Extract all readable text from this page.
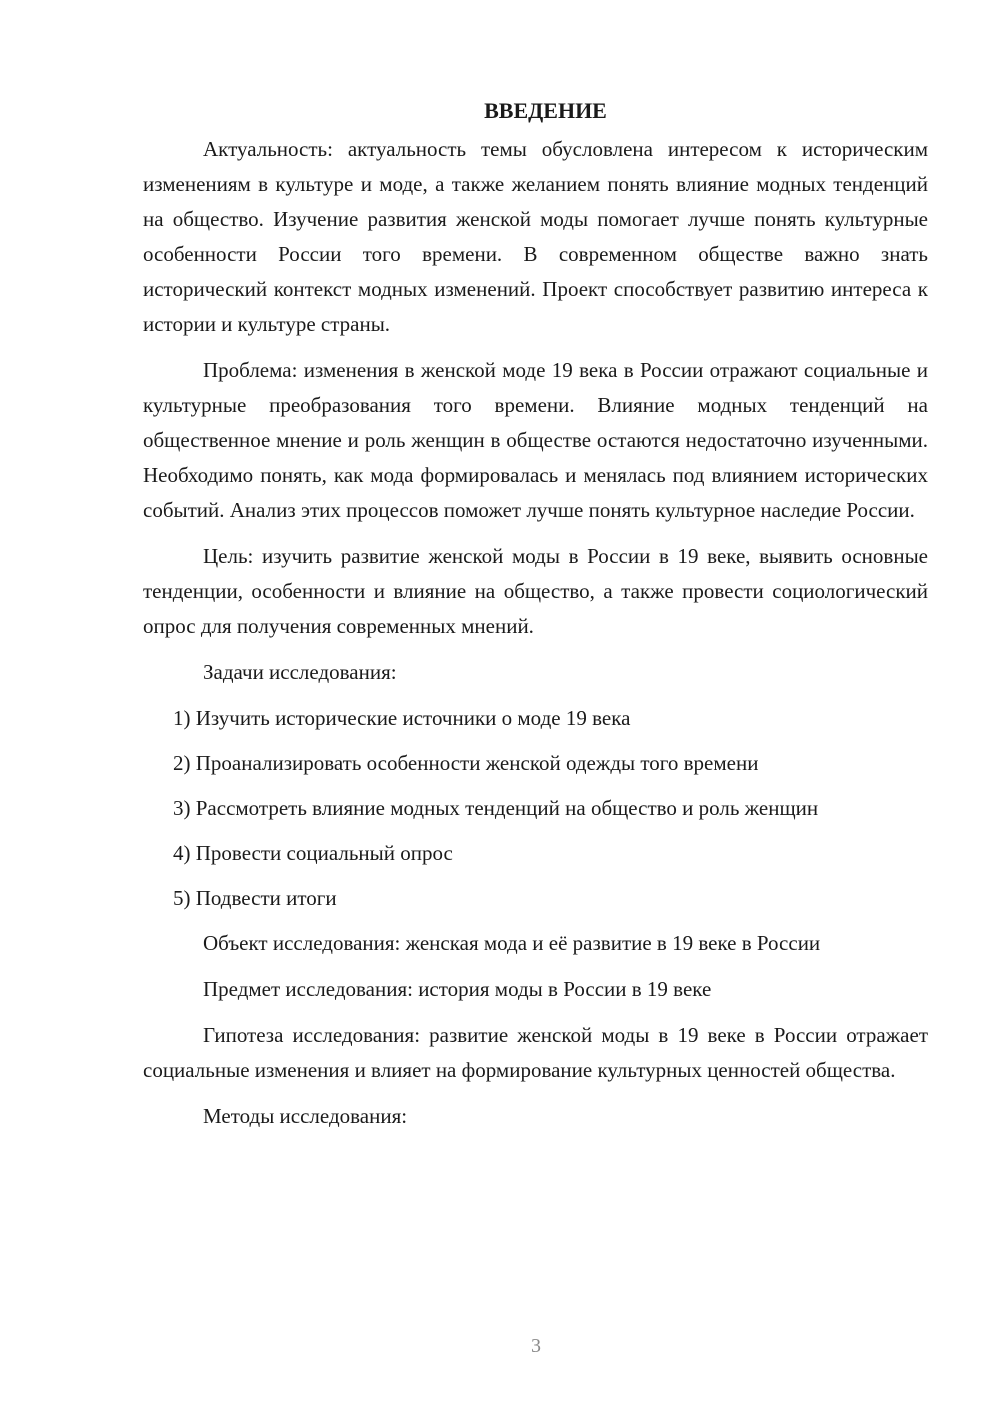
ВВЕДЕНИЕ

Актуальность: актуальность темы обусловлена интересом к историческим изменениям в культуре и моде, а также желанием понять влияние модных тенденций на общество. Изучение развития женской моды помогает лучше понять культурные особенности России того времени. В современном обществе важно знать исторический контекст модных изменений. Проект способствует развитию интереса к истории и культуре страны.

Проблема: изменения в женской моде 19 века в России отражают социальные и культурные преобразования того времени. Влияние модных тенденций на общественное мнение и роль женщин в обществе остаются недостаточно изученными. Необходимо понять, как мода формировалась и менялась под влиянием исторических событий. Анализ этих процессов поможет лучше понять культурное наследие России.

Цель: изучить развитие женской моды в России в 19 веке, выявить основные тенденции, особенности и влияние на общество, а также провести социологический опрос для получения современных мнений.

Задачи исследования:

1) Изучить исторические источники о моде 19 века

2) Проанализировать особенности женской одежды того времени

3) Рассмотреть влияние модных тенденций на общество и роль женщин

4) Провести социальный опрос

5) Подвести итоги

Объект исследования: женская мода и её развитие в 19 веке в России

Предмет исследования: история моды в России в 19 веке

Гипотеза исследования: развитие женской моды в 19 веке в России отражает социальные изменения и влияет на формирование культурных ценностей общества.

Методы исследования:

3
